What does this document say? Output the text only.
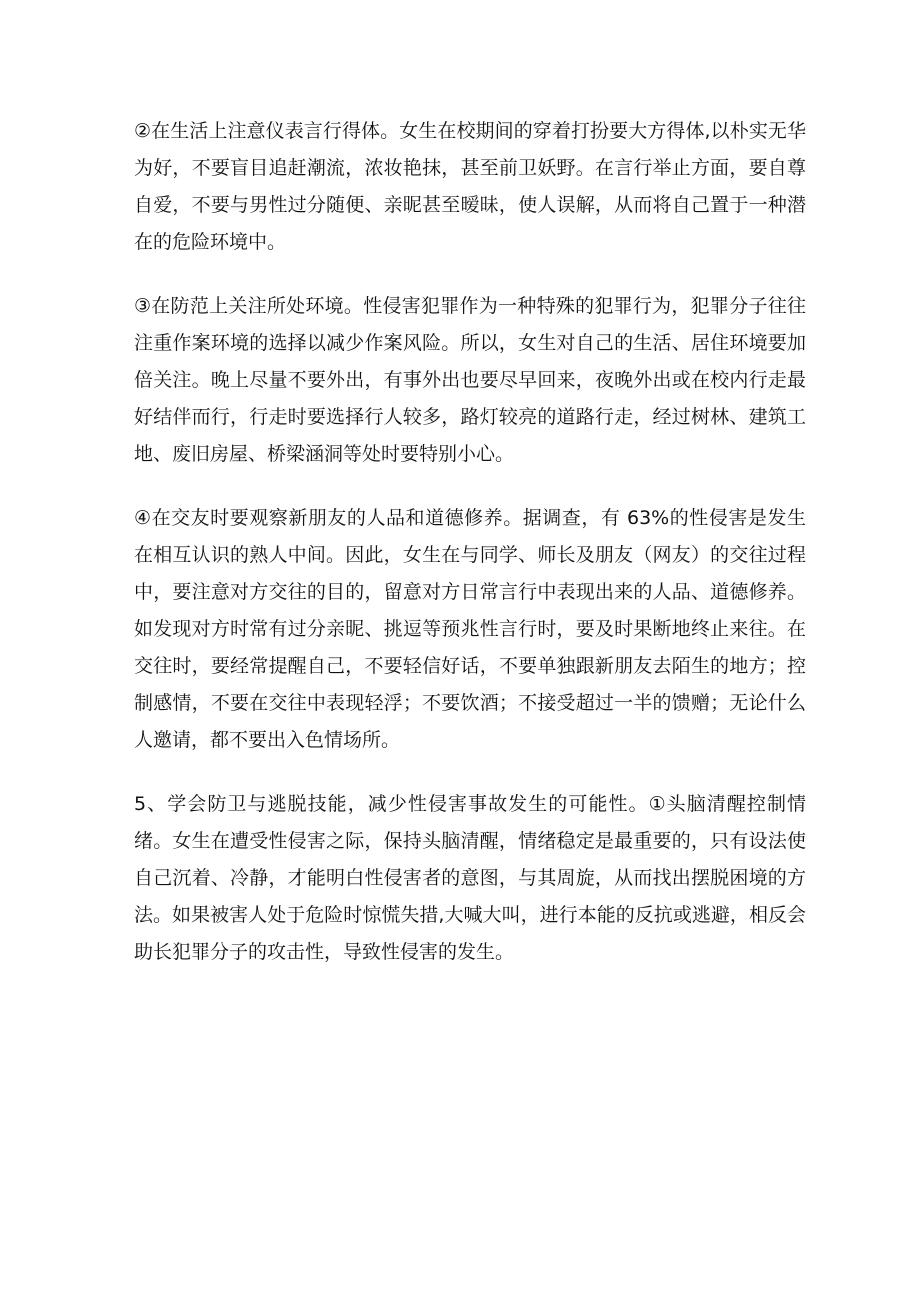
②在生活上注意仪表言行得体。女生在校期间的穿着打扮要大方得体,以朴实无华为好，不要盲目追赶潮流，浓妆艳抹，甚至前卫妖野。在言行举止方面，要自尊自爱，不要与男性过分随便、亲昵甚至暧昧，使人误解，从而将自己置于一种潜在的危险环境中。

③在防范上关注所处环境。性侵害犯罪作为一种特殊的犯罪行为，犯罪分子往往注重作案环境的选择以减少作案风险。所以，女生对自己的生活、居住环境要加倍关注。晚上尽量不要外出，有事外出也要尽早回来，夜晚外出或在校内行走最好结伴而行，行走时要选择行人较多，路灯较亮的道路行走，经过树林、建筑工地、废旧房屋、桥梁涵洞等处时要特别小心。

④在交友时要观察新朋友的人品和道德修养。据调查，有 63%的性侵害是发生在相互认识的熟人中间。因此，女生在与同学、师长及朋友（网友）的交往过程中，要注意对方交往的目的，留意对方日常言行中表现出来的人品、道德修养。如发现对方时常有过分亲昵、挑逗等预兆性言行时，要及时果断地终止来往。在交往时，要经常提醒自己，不要轻信好话，不要单独跟新朋友去陌生的地方；控制感情，不要在交往中表现轻浮；不要饮酒；不接受超过一半的馈赠；无论什么人邀请，都不要出入色情场所。

5、学会防卫与逃脱技能，减少性侵害事故发生的可能性。①头脑清醒控制情绪。女生在遭受性侵害之际，保持头脑清醒，情绪稳定是最重要的，只有设法使自己沉着、冷静，才能明白性侵害者的意图，与其周旋，从而找出摆脱困境的方法。如果被害人处于危险时惊慌失措,大喊大叫，进行本能的反抗或逃避，相反会助长犯罪分子的攻击性，导致性侵害的发生。
